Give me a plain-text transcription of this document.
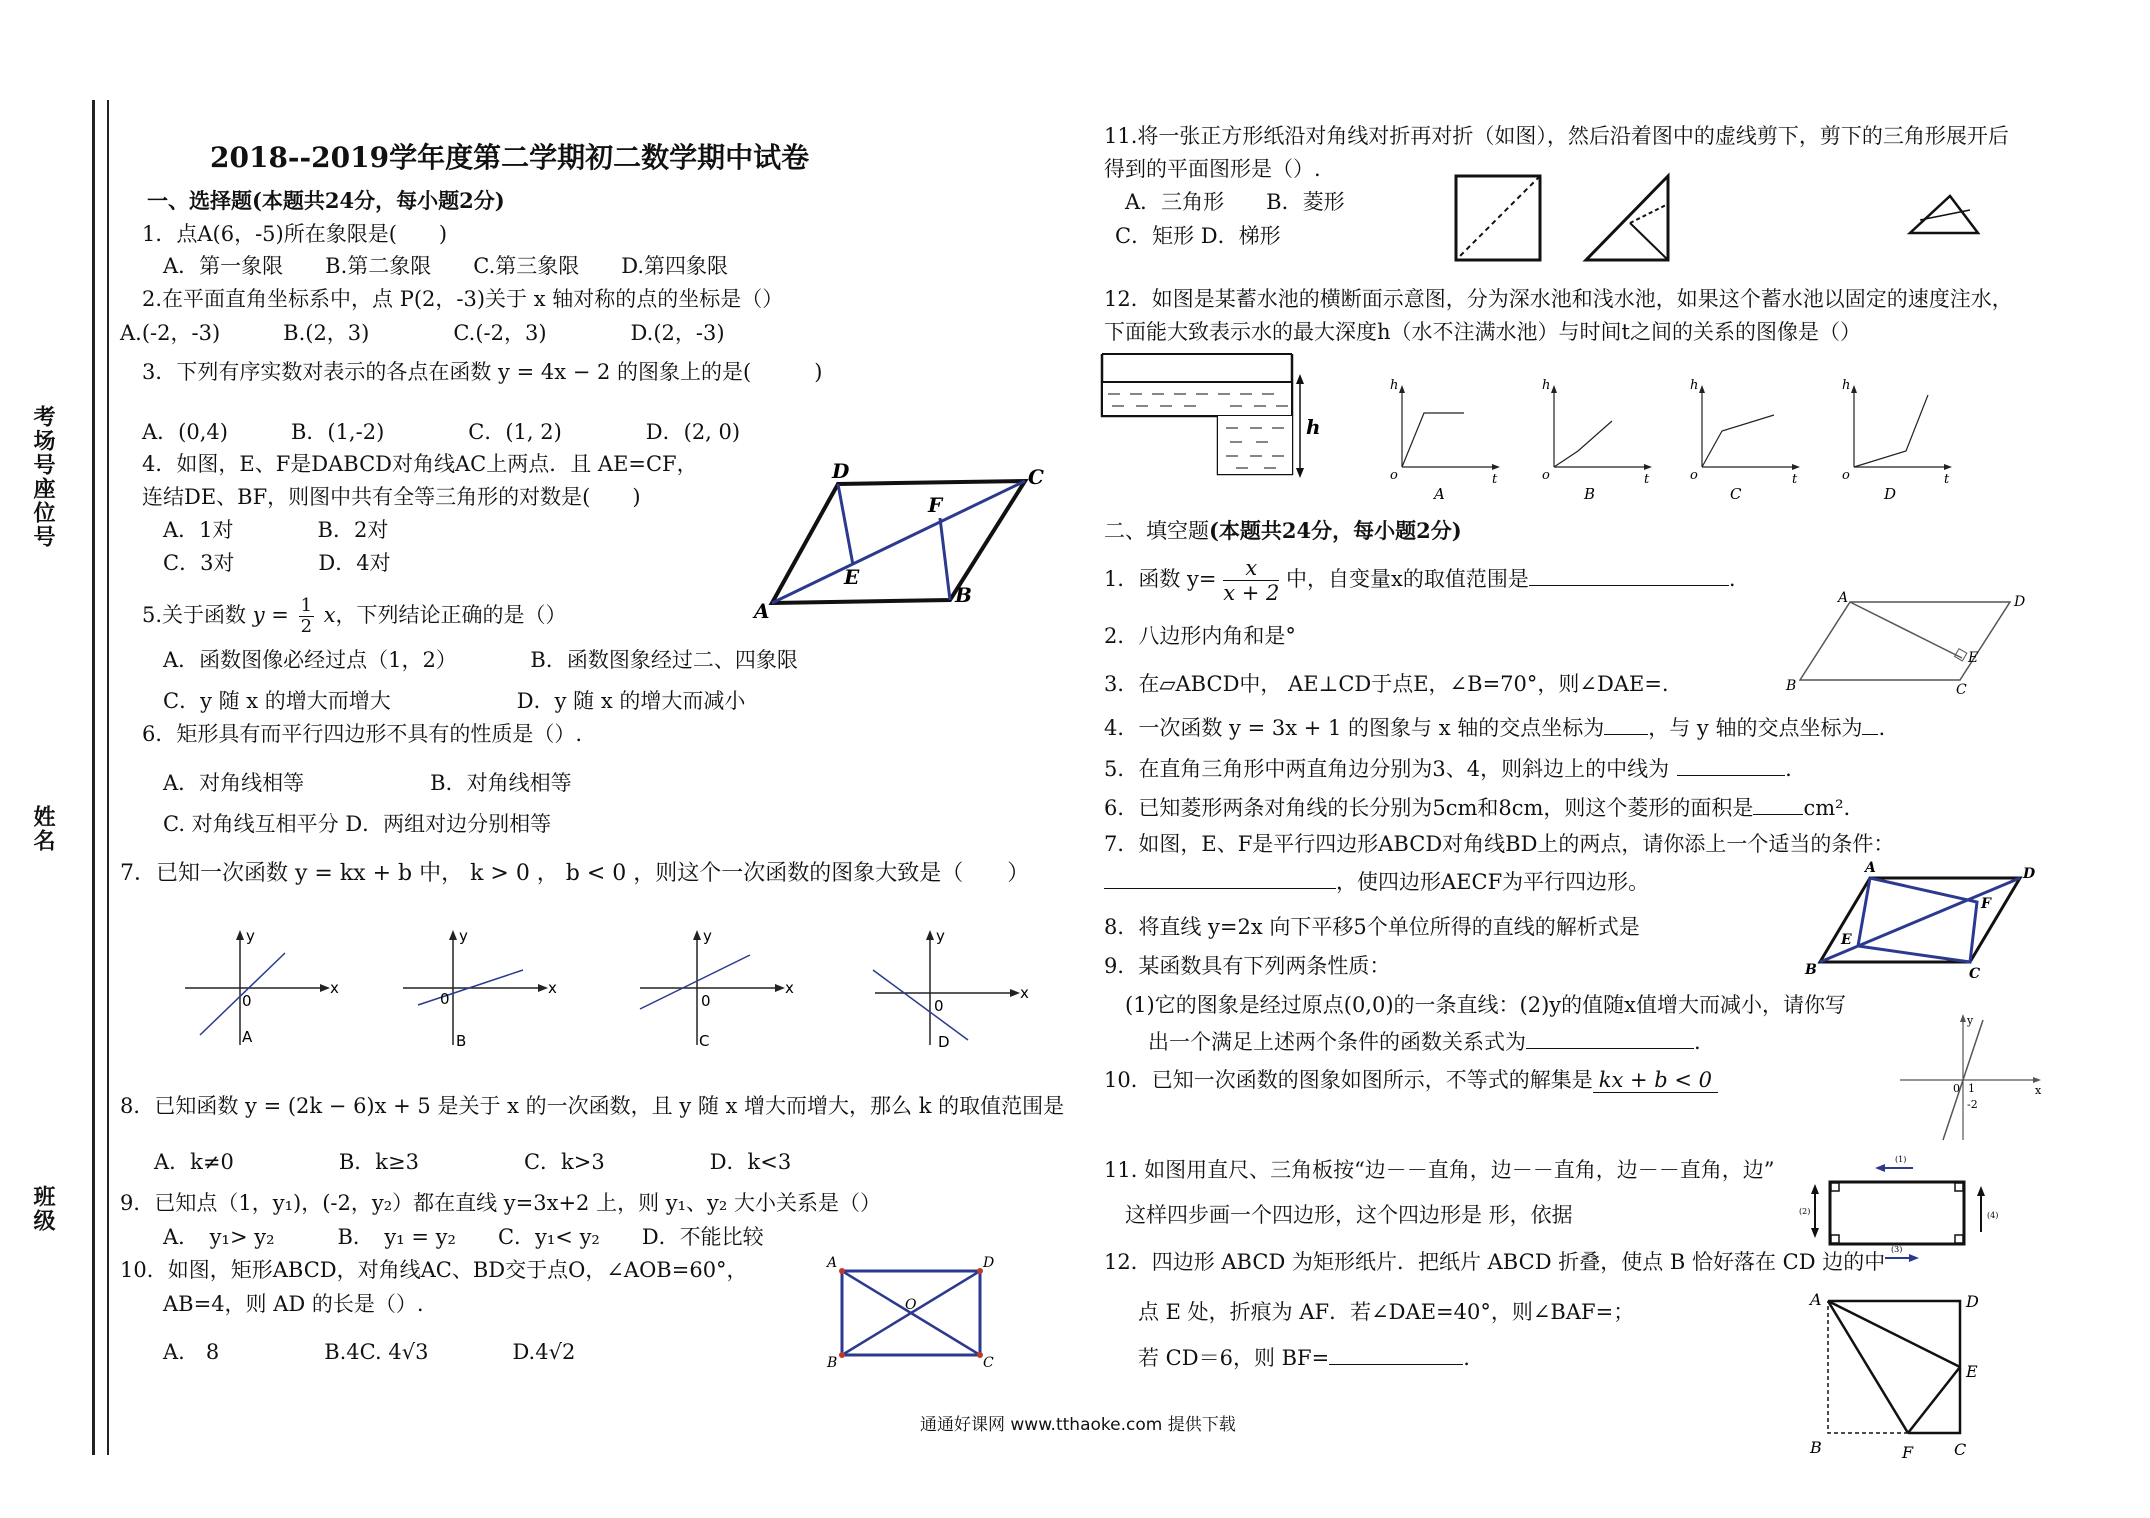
考场号座位号
姓名
班级
2018--2019学年度第二学期初二数学期中试卷
一、选择题(本题共24分，每小题2分)
1．点A(6，-5)所在象限是(　　)
A．第一象限　　B.第二象限　　C.第三象限　　D.第四象限
2.在平面直角坐标系中，点 P(2，-3)关于 x 轴对称的点的坐标是（）
A.(-2，-3)　　　B.(2，3)　　　　C.(-2，3)　　　　D.(2，-3)
3．下列有序实数对表示的各点在函数 y = 4x − 2 的图象上的是(　　　)
A．(0,4)　　　B．(1,-2)　　　　C．(1, 2)　　　　D．(2, 0)
4．如图，E、F是DABCD对角线AC上两点．且 AE=CF，
连结DE、BF，则图中共有全等三角形的对数是(　　)
A．1对　　　　B．2对
C．3对　　　　D．4对
D	C
F
E
A
B
5.关于函数 $y = \frac{1}{2}$ x，下列结论正确的是（）
A．函数图像必经过点（1，2）　　　　B．函数图象经过二、四象限
C．y 随 x 的增大而增大　　　　　　D．y 随 x 的增大而减小
6．矩形具有而平行四边形不具有的性质是（）.
A．对角线相等　　　　　　B．对角线相等
C. 对角线互相平分 D．两组对边分别相等
7．已知一次函数 y = kx + b 中， k > 0 ， b < 0 ，则这个一次函数的图象大致是（　　）
y
x
0
A
y
x
0
B
y
x
0
C
y
x
0
D
8．已知函数 y = (2k − 6)x + 5 是关于 x 的一次函数，且 y 随 x 增大而增大，那么 k 的取值范围是
A．k≠0　　　　　B．k≥3　　　　　C．k>3　　　　　D．k<3
9．已知点（1，y₁)，(-2，y₂）都在直线 y=3x+2 上，则 y₁、y₂ 大小关系是（）
A．　y₁> y₂　　　B．　y₁ = y₂　　C．y₁< y₂　　D．不能比较
10．如图，矩形ABCD，对角线AC、BD交于点O，∠AOB=60°，
AB=4，则 AD 的长是（）.
A.　8　　　　　B.4C. 4√3　　　　D.4√2
A	D
O
B	C
11.将一张正方形纸沿对角线对折再对折（如图），然后沿着图中的虚线剪下，剪下的三角形展开后
得到的平面图形是（）.
A．三角形　　B．菱形
C．矩形 D．梯形
12．如图是某蓄水池的横断面示意图，分为深水池和浅水池，如果这个蓄水池以固定的速度注水，
下面能大致表示水的最大深度h（水不注满水池）与时间t之间的关系的图像是（）
h
h
o	t
A
h
o	t
B
h
o	t
C
h
o	t
D
二、填空题(本题共24分，每小题2分)
1．函数 $y= \frac{x}{x + 2}$ 中，自变量x的取值范围是	.
2．八边形内角和是°
3．在▱ABCD中， AE⊥CD于点E，∠B=70°，则∠DAE=.
A	D
E
B	C
4．一次函数 y = 3x + 1 的图象与 x 轴的交点坐标为 ，与 y 轴的交点坐标为 .
5．在直角三角形中两直角边分别为3、4，则斜边上的中线为	.
6．已知菱形两条对角线的长分别为5cm和8cm，则这个菱形的面积是 cm².
7．如图，E、F是平行四边形ABCD对角线BD上的两点，请你添上一个适当的条件：
，使四边形AECF为平行四边形。
A	D
F
E
B	C
8．将直线 y=2x 向下平移5个单位所得的直线的解析式是
9．某函数具有下列两条性质：
(1)它的图象是经过原点(0,0)的一条直线：(2)y的值随x值增大而减小，请你写
出一个满足上述两个条件的函数关系式为	.
10．已知一次函数的图象如图所示，不等式的解集是 kx + b < 0
y
x
0 1
-2
11. 如图用直尺、三角板按“边－－直角，边－－直角，边－－直角，边”
这样四步画一个四边形，这个四边形是 形，依据
(1)
(2)
(3)
(4)
12．四边形 ABCD 为矩形纸片．把纸片 ABCD 折叠，使点 B 恰好落在 CD 边的中
点 E 处，折痕为 AF．若∠DAE=40°，则∠BAF=；
若 CD＝6，则 BF=	.
A	D
E
B	F	C
通通好课网 www.tthaoke.com 提供下载
